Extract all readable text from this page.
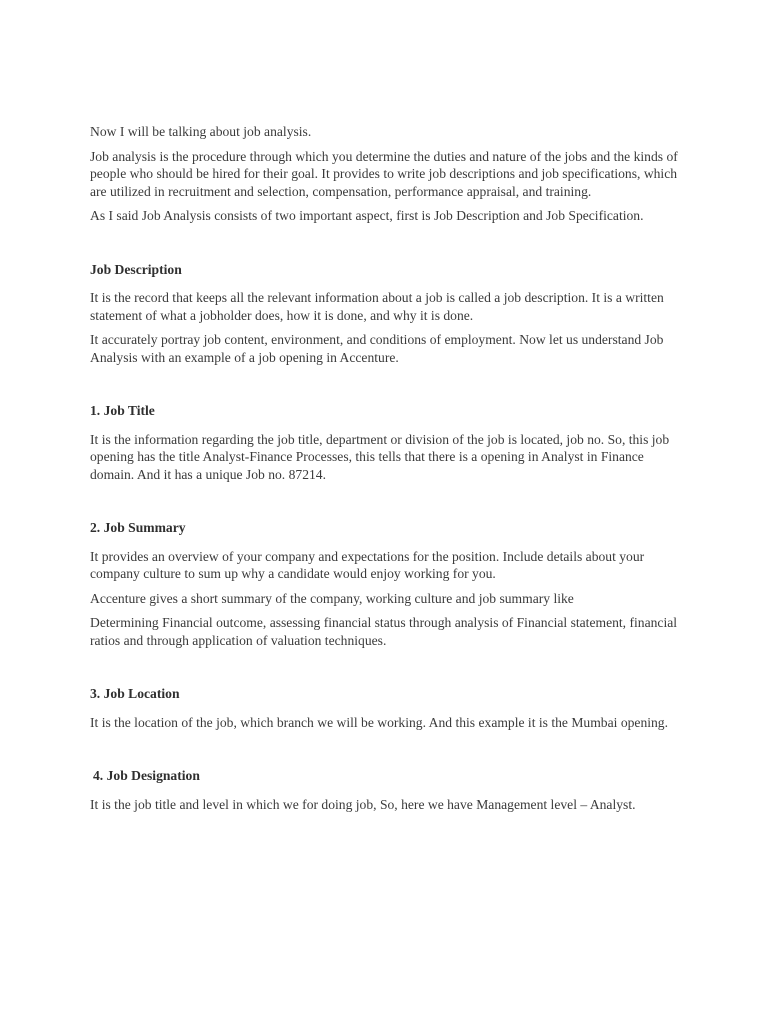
Now I will be talking about job analysis.

Job analysis is the procedure through which you determine the duties and nature of the jobs and the kinds of people who should be hired for their goal. It provides to write job descriptions and job specifications, which are utilized in recruitment and selection, compensation, performance appraisal, and training.

As I said Job Analysis consists of two important aspect, first is Job Description and Job Specification.

Job Description

It is the record that keeps all the relevant information about a job is called a job description. It is a written statement of what a jobholder does, how it is done, and why it is done.

It accurately portray job content, environment, and conditions of employment. Now let us understand Job Analysis with an example of a job opening in Accenture.

1. Job Title

It is the information regarding the job title, department or division of the job is located, job no. So, this job opening has the title Analyst-Finance Processes, this tells that there is a opening in Analyst in Finance domain. And it has a unique Job no. 87214.

2. Job Summary

It provides an overview of your company and expectations for the position. Include details about your company culture to sum up why a candidate would enjoy working for you.

Accenture gives a short summary of the company, working culture and job summary like

Determining Financial outcome, assessing financial status through analysis of Financial statement, financial ratios and through application of valuation techniques.

3. Job Location

It is the location of the job, which branch we will be working. And this example it is the Mumbai opening.

4. Job Designation

It is the job title and level in which we for doing job, So, here we have Management level – Analyst.
